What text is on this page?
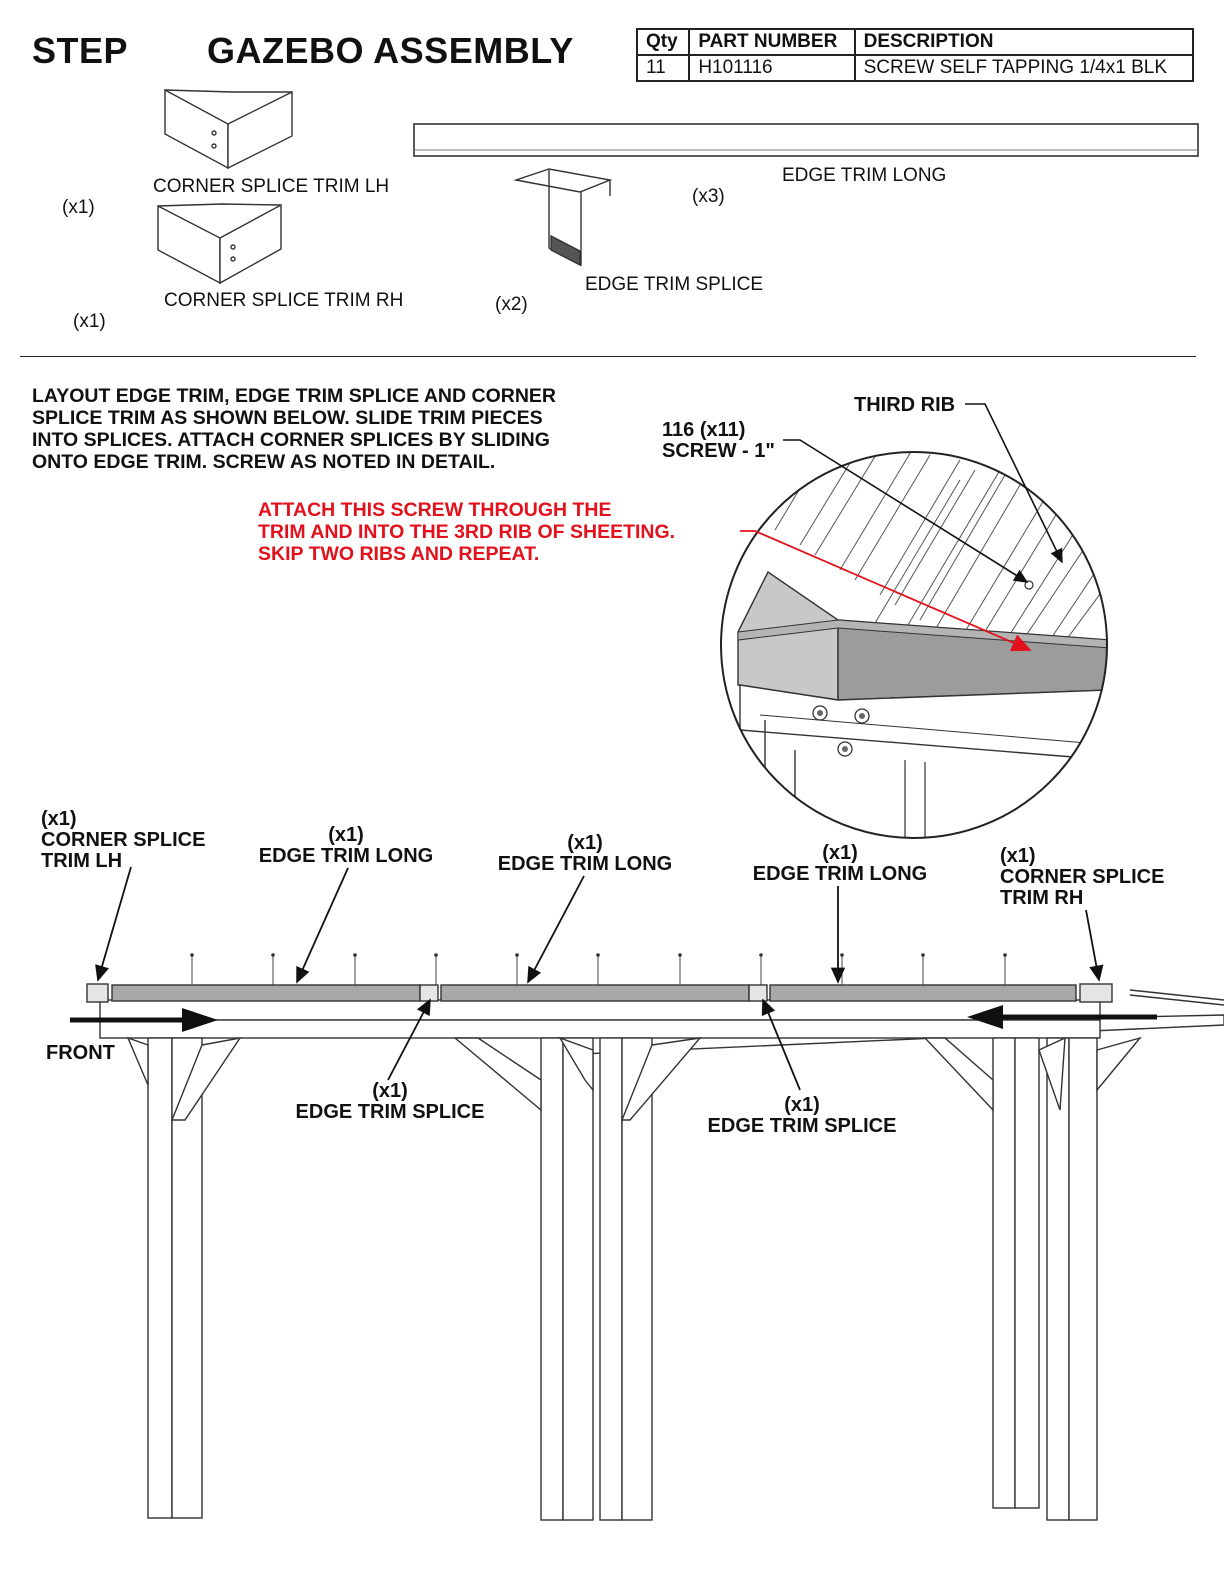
STEP GAZEBO ASSEMBLY	Qty	PART NUMBER	DESCRIPTION
11	H101116	SCREW SELF TAPPING 1/4x1 BLK
CORNER SPLICE TRIM LH
(x1)
CORNER SPLICE TRIM RH
(x1)
EDGE TRIM SPLICE
(x2)
EDGE TRIM LONG
(x3)
LAYOUT EDGE TRIM, EDGE TRIM SPLICE AND CORNER
SPLICE TRIM AS SHOWN BELOW. SLIDE TRIM PIECES
INTO SPLICES. ATTACH CORNER SPLICES BY SLIDING
ONTO EDGE TRIM. SCREW AS NOTED IN DETAIL.
ATTACH THIS SCREW THROUGH THE
TRIM AND INTO THE 3RD RIB OF SHEETING.
SKIP TWO RIBS AND REPEAT.
116 (x11)
SCREW - 1"
THIRD RIB
(x1)
CORNER SPLICE
TRIM LH
(x1)
EDGE TRIM LONG
(x1)
EDGE TRIM LONG	(x1)
EDGE TRIM LONG
(x1)
CORNER SPLICE
TRIM RH
(x1)
EDGE TRIM SPLICE	(x1)
EDGE TRIM SPLICE
FRONT
